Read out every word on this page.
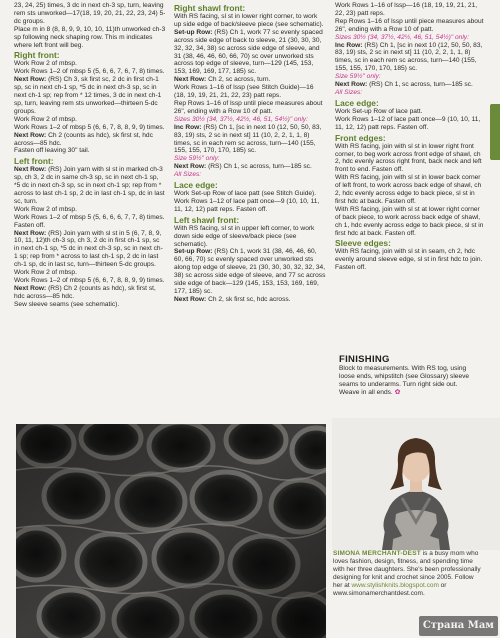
23, 24, 25) times, 3 dc in next ch-3 sp, turn, leaving rem sts unworked—17(18, 19, 20, 21, 22, 23, 24) 5-dc groups.

Place m in 8 (8, 8, 9, 9, 10, 10, 11)th unworked ch-3 sp following neck shaping row. This m indicates where left front will beg.

Right front:

Work Row 2 of mbsp.

Work Rows 1–2 of mbsp 5 (5, 6, 6, 7, 6, 7, 8) times.

Next Row: (RS) Ch 3, sk first sc, 2 dc in first ch-1 sp, sc in next ch-1 sp, *5 dc in next ch-3 sp, sc in next ch-1 sp; rep from * 12 times, 3 dc in next ch-1 sp, turn, leaving rem sts unworked—thirteen 5-dc groups.

Work Row 2 of mbsp.

Work Rows 1–2 of mbsp 5 (6, 6, 7, 8, 8, 9, 9) times.

Next Row: Ch 2 (counts as hdc), sk first st, hdc across—85 hdc.

Fasten off leaving 30" tail.

Left front:

Next Row: (RS) Join yarn with sl st in marked ch-3 sp, ch 3, 2 dc in same ch-3 sp, sc in next ch-1 sp, *5 dc in next ch-3 sp, sc in next ch-1 sp; rep from * across to last ch-1 sp, 2 dc in last ch-1 sp, dc in last sc, turn.

Work Row 2 of mbsp.

Work Rows 1–2 of mbsp 5 (5, 6, 6, 6, 7, 7, 8) times. Fasten off.

Next Row: (RS) Join yarn with sl st in 5 (6, 7, 8, 9, 10, 11, 12)th ch-3 sp, ch 3, 2 dc in first ch-1 sp, sc in next ch-1 sp, *5 dc in next ch-3 sp, sc in next ch-1 sp; rep from * across to last ch-1 sp, 2 dc in last ch-1 sp, dc in last sc, turn—thirteen 5-dc groups.

Work Row 2 of mbsp.

Work Rows 1–2 of mbsp 5 (6, 6, 7, 8, 8, 9, 9) times.

Next Row: (RS) Ch 2 (counts as hdc), sk first st, hdc across—85 hdc.

Sew sleeve seams (see schematic).

Right shawl front:

With RS facing, sl st in lower right corner, to work up side edge of back/sleeve piece (see schematic).

Set-up Row: (RS) Ch 1, work 77 sc evenly spaced across side edge of back to sleeve, 21 (30, 30, 30, 32, 32, 34, 38) sc across side edge of sleeve, and 31 (38, 46, 46, 60, 66, 70) sc over unworked sts across top edge of sleeve, turn—129 (145, 153, 153, 169, 169, 177, 185) sc.

Next Row: Ch 2, sc across, turn.

Work Rows 1–16 of lssp (see Stitch Guide)—16 (18, 19, 19, 21, 21, 22, 23) patt reps.

Rep Rows 1–16 of lssp until piece measures about 26", ending with a Row 10 of patt.

Sizes 30½ (34, 37½, 42½, 46, 51, 54½)" only:

Inc Row: (RS) Ch 1, [sc in next 10 (12, 50, 50, 83, 83, 19) sts, 2 sc in next st] 11 (10, 2, 2, 1, 1, 8) times, sc in each rem sc across, turn—140 (155, 155, 155, 170, 170, 185) sc.

Size 59½" only:

Next Row: (RS) Ch 1, sc across, turn—185 sc.

All Sizes:

Lace edge:

Work Set-up Row of lace patt (see Stitch Guide).

Work Rows 1–12 of lace patt once—9 (10, 10, 11, 11, 12, 12) patt reps. Fasten off.

Left shawl front:

With RS facing, sl st in upper left corner, to work down side edge of sleeve/back piece (see schematic).

Set-up Row: (RS) Ch 1, work 31 (38, 46, 46, 60, 60, 66, 70) sc evenly spaced over unworked sts along top edge of sleeve, 21 (30, 30, 30, 32, 32, 34, 38) sc across side edge of sleeve, and 77 sc across side edge of back—129 (145, 153, 153, 169, 169, 177, 185) sc.

Next Row: Ch 2, sk first sc, hdc across.

Work Rows 1–16 of lssp—16 (18, 19, 19, 21, 21, 22, 23) patt reps.

Rep Rows 1–16 of lssp until piece measures about 26", ending with a Row 10 of patt.

Sizes 30½ (34, 37½, 42½, 46, 51, 54½)" only:

Inc Row: (RS) Ch 1, [sc in next 10 (12, 50, 50, 83, 83, 19) sts, 2 sc in next st] 11 (10, 2, 2, 1, 1, 8) times, sc in each rem sc across, turn—140 (155, 155, 155, 170, 170, 185) sc.

Size 59½" only:

Next Row: (RS) Ch 1, sc across, turn—185 sc.

All Sizes:

Lace edge:

Work Set-up Row of lace patt.

Work Rows 1–12 of lace patt once—9 (10, 10, 11, 11, 12, 12) patt reps. Fasten off.

Front edges:

With RS facing, join with sl st in lower right front corner, to beg work across front edge of shawl, ch 2, hdc evenly across right front, back neck and left front to end. Fasten off.

With RS facing, join with sl st in lower back corner of left front, to work across back edge of shawl, ch 2, hdc evenly across edge to back piece, sl st in first hdc at back. Fasten off.

With RS facing, join with sl st at lower right corner of back piece, to work across back edge of shawl, ch 1, hdc evenly across edge to back piece, sl st in first hdc at back. Fasten off.

Sleeve edges:

With RS facing, join with sl st in seam, ch 2, hdc evenly around sleeve edge, sl st in first hdc to join. Fasten off.

FINISHING

Block to measurements. With RS tog, using loose ends, whipstitch (see Glossary) sleeve seams to underarms. Turn right side out. Weave in all ends. ✿

SIMONA MERCHANT-DEST is a busy mom who loves fashion, design, fitness, and spending time with her three daughters. She's been professionally designing for knit and crochet since 2005. Follow her at www.stylishknits.blogspot.com or www.simonamerchantdest.com.
Страна Мам
